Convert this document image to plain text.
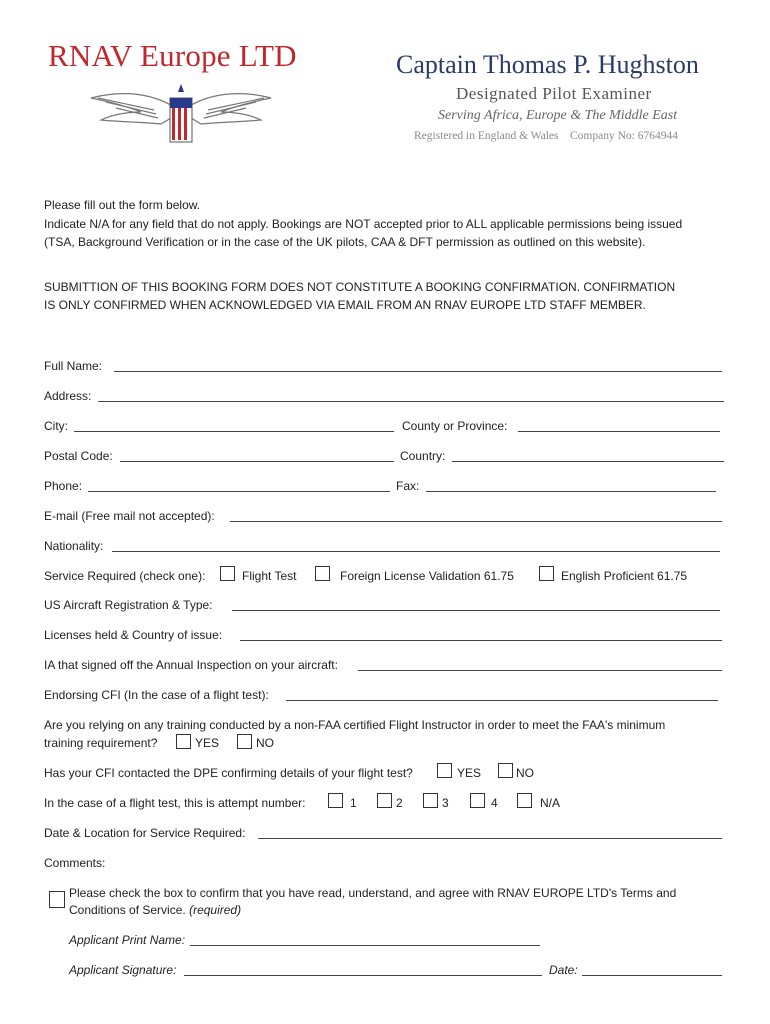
RNAV Europe LTD	Captain Thomas P. Hughston
Designated Pilot Examiner
Serving Africa, Europe & The Middle East
Registered in England & Wales    Company No: 6764944
Please fill out the form below.
Indicate N/A for any field that do not apply. Bookings are NOT accepted prior to ALL applicable permissions being issued
(TSA, Background Verification or in the case of the UK pilots, CAA & DFT permission as outlined on this website).
SUBMITTION OF THIS BOOKING FORM DOES NOT CONSTITUTE A BOOKING CONFIRMATION. CONFIRMATION
IS ONLY CONFIRMED WHEN ACKNOWLEDGED VIA EMAIL FROM AN RNAV EUROPE LTD STAFF MEMBER.
Full Name:
Address:
City:	County or Province:
Postal Code:	Country:
Phone:	Fax:
E-mail (Free mail not accepted):
Nationality:
Service Required (check one):	Flight Test	Foreign License Validation 61.75	English Proficient 61.75
US Aircraft Registration & Type:
Licenses held & Country of issue:
IA that signed off the Annual Inspection on your aircraft:
Endorsing CFI (In the case of a flight test):
Are you relying on any training conducted by a non-FAA certified Flight Instructor in order to meet the FAA's minimum
training requirement?	YES	NO
Has your CFI contacted the DPE confirming details of your flight test?	YES	NO
In the case of a flight test, this is attempt number:	1	2	3	4	N/A
Date & Location for Service Required:
Comments:
Please check the box to confirm that you have read, understand, and agree with RNAV EUROPE LTD's Terms and
Conditions of Service. (required)
Applicant Print Name:
Applicant Signature:	Date:
